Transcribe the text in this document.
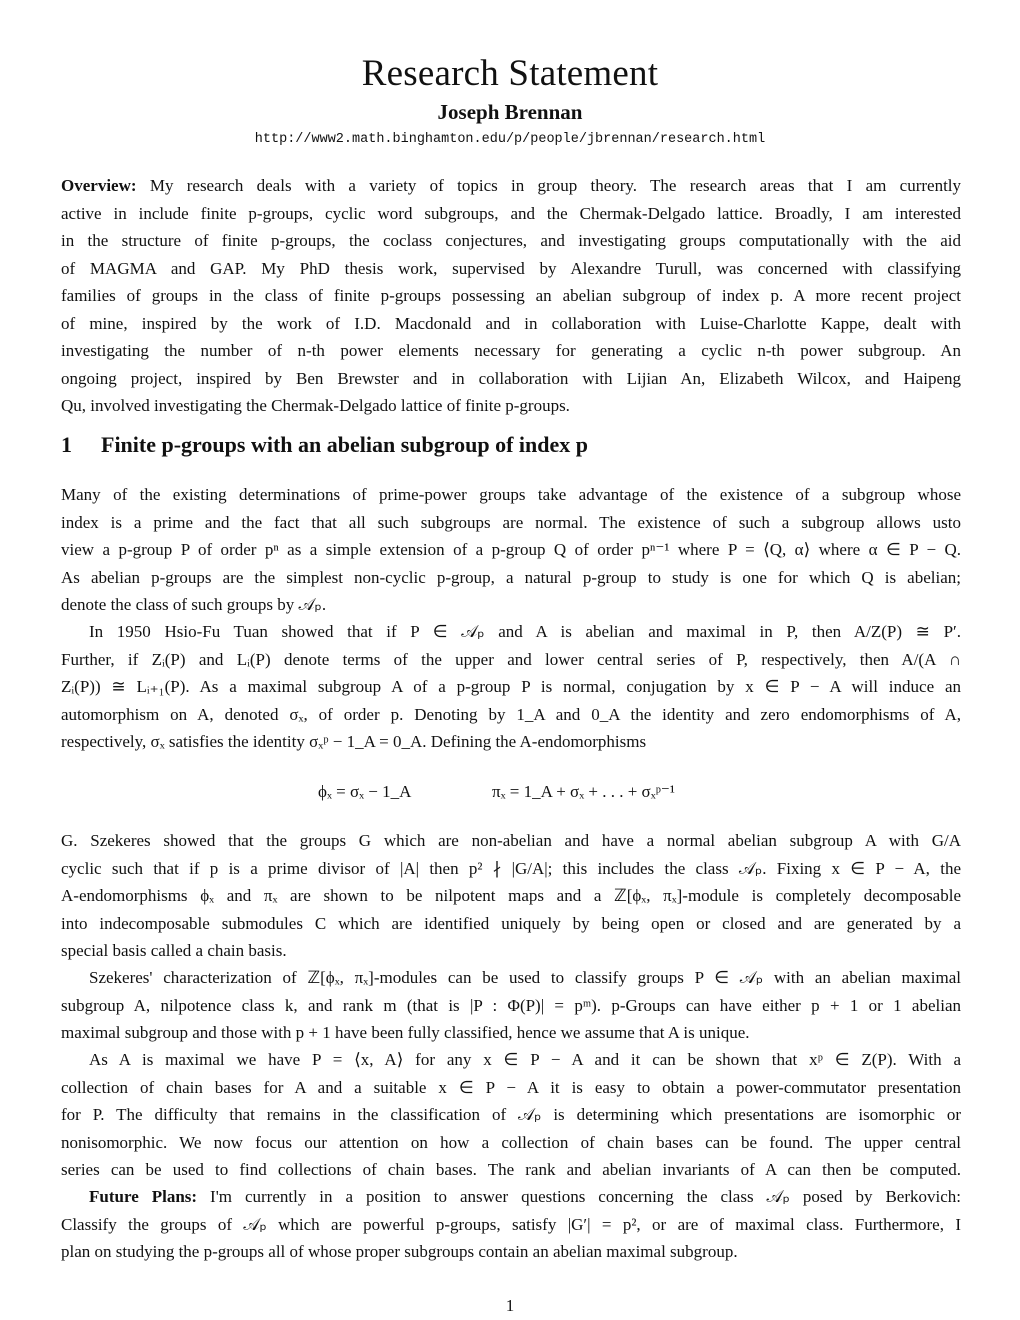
Research Statement
Joseph Brennan
http://www2.math.binghamton.edu/p/people/jbrennan/research.html
Overview: My research deals with a variety of topics in group theory. The research areas that I am currently
active in include finite p-groups, cyclic word subgroups, and the Chermak-Delgado lattice. Broadly, I am interested
in the structure of finite p-groups, the coclass conjectures, and investigating groups computationally with the aid
of MAGMA and GAP. My PhD thesis work, supervised by Alexandre Turull, was concerned with classifying
families of groups in the class of finite p-groups possessing an abelian subgroup of index p. A more recent project
of mine, inspired by the work of I.D. Macdonald and in collaboration with Luise-Charlotte Kappe, dealt with
investigating the number of n-th power elements necessary for generating a cyclic n-th power subgroup. An
ongoing project, inspired by Ben Brewster and in collaboration with Lijian An, Elizabeth Wilcox, and Haipeng
Qu, involved investigating the Chermak-Delgado lattice of finite p-groups.
1 Finite p-groups with an abelian subgroup of index p
Many of the existing determinations of prime-power groups take advantage of the existence of a subgroup whose
index is a prime and the fact that all such subgroups are normal. The existence of such a subgroup allows usto
view a p-group P of order pⁿ as a simple extension of a p-group Q of order pⁿ⁻¹ where P = ⟨Q, α⟩ where α ∈ P − Q.
As abelian p-groups are the simplest non-cyclic p-group, a natural p-group to study is one for which Q is abelian;
denote the class of such groups by 𝒜ₚ.
In 1950 Hsio-Fu Tuan showed that if P ∈ 𝒜ₚ and A is abelian and maximal in P, then A/Z(P) ≅ P′.
Further, if Zᵢ(P) and Lᵢ(P) denote terms of the upper and lower central series of P, respectively, then A/(A ∩
Zᵢ(P)) ≅ Lᵢ₊₁(P). As a maximal subgroup A of a p-group P is normal, conjugation by x ∈ P − A will induce an
automorphism on A, denoted σₓ, of order p. Denoting by 1_A and 0_A the identity and zero endomorphisms of A,
respectively, σₓ satisfies the identity σₓᵖ − 1_A = 0_A. Defining the A-endomorphisms
ϕₓ = σₓ − 1_A	πₓ = 1_A + σₓ + . . . + σₓᵖ⁻¹
G. Szekeres showed that the groups G which are non-abelian and have a normal abelian subgroup A with G/A
cyclic such that if p is a prime divisor of |A| then p² ∤ |G/A|; this includes the class 𝒜ₚ. Fixing x ∈ P − A, the
A-endomorphisms ϕₓ and πₓ are shown to be nilpotent maps and a ℤ[ϕₓ, πₓ]-module is completely decomposable
into indecomposable submodules C which are identified uniquely by being open or closed and are generated by a
special basis called a chain basis.
Szekeres' characterization of ℤ[ϕₓ, πₓ]-modules can be used to classify groups P ∈ 𝒜ₚ with an abelian maximal
subgroup A, nilpotence class k, and rank m (that is |P : Φ(P)| = pᵐ). p-Groups can have either p + 1 or 1 abelian
maximal subgroup and those with p + 1 have been fully classified, hence we assume that A is unique.
As A is maximal we have P = ⟨x, A⟩ for any x ∈ P − A and it can be shown that xᵖ ∈ Z(P). With a
collection of chain bases for A and a suitable x ∈ P − A it is easy to obtain a power-commutator presentation
for P. The difficulty that remains in the classification of 𝒜ₚ is determining which presentations are isomorphic or
nonisomorphic. We now focus our attention on how a collection of chain bases can be found. The upper central
series can be used to find collections of chain bases. The rank and abelian invariants of A can then be computed.
Future Plans: I'm currently in a position to answer questions concerning the class 𝒜ₚ posed by Berkovich:
Classify the groups of 𝒜ₚ which are powerful p-groups, satisfy |G′| = p², or are of maximal class. Furthermore, I
plan on studying the p-groups all of whose proper subgroups contain an abelian maximal subgroup.
1
